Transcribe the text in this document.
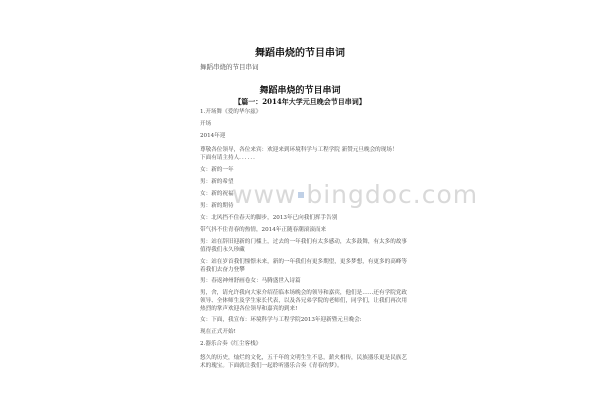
舞蹈串烧的节目串词
舞蹈串烧的节目串词
舞蹈串烧的节目串词
【篇一：2014年大学元旦晚会节目串词】
1.开场舞《爱的华尔兹》
开场
2014年迎
尊敬各位领导，各位来宾：欢迎来到环境科学与工程学院 新赞元旦晚会的现场！
下面有请主持人．．．．．．
女：新的一年
男：新的希望
女：新的祝福
男：新的期待
女：北风挡不住春天的脚步，2013年已向我们挥手告别
带气抖不住青春的热情，2014年正随春潮滚滚而来
男：站在辞旧迎新的门槛上，过去的一年我们有太多感动，太多鼓舞，有太多的故事值得我们永久珍藏
女：站在岁首我们憧憬未来，新的一年我们有更多期望，更多梦想，有更多的高峰等着我们去奋力登攀
男：春返神州舒画卷女：马腾盛世入诗篇
男，舍，请允许我向大家介绍莅临本场晚会的领导和嘉宾，他们是……还有学院党政领导、全体师生及学生家长代表，以及各兄弟学院的老师们，同学们，让我们再次用热烈的掌声欢迎各位领导和嘉宾的到来!
女：下面，我宣布：环境科学与工程学院2013年迎新暨元旦晚会:
现在正式开始!
2.器乐合奏《红尘客栈》
悠久的历史，灿烂的文化，五千年的文明生生不息，薪火相传，民族器乐更是民族艺术的瑰宝。下面就让我们一起聆听器乐合奏《青春的梦》。
www bingdoc.com
